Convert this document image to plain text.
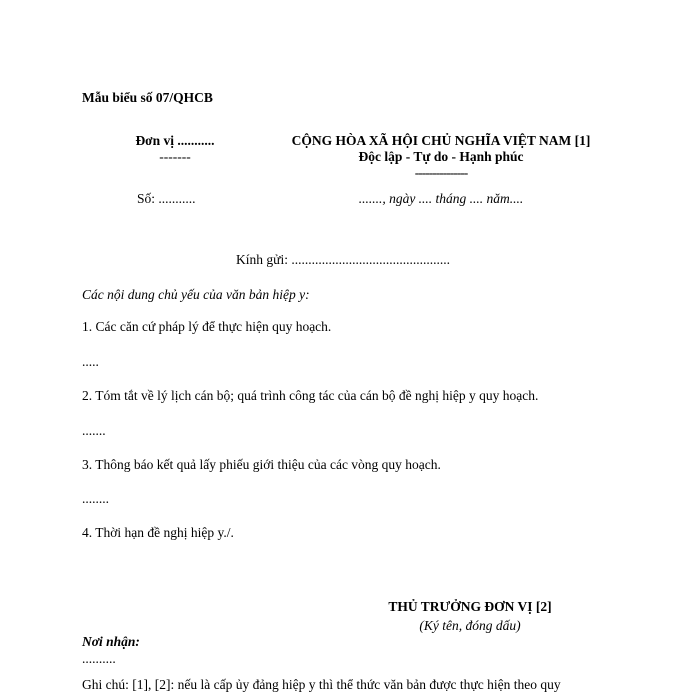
Mẫu biểu số 07/QHCB
Đơn vị ...........
-------
Số: ...........
CỘNG HÒA XÃ HỘI CHỦ NGHĨA VIỆT NAM [1]
Độc lập - Tự do - Hạnh phúc
---------------
......., ngày .... tháng .... năm....
Kính gửi: ...............................................
Các nội dung chủ yếu của văn bản hiệp y:
1. Các căn cứ pháp lý để thực hiện quy hoạch.
.....
2. Tóm tắt về lý lịch cán bộ; quá trình công tác của cán bộ đề nghị hiệp y quy hoạch.
.......
3. Thông báo kết quả lấy phiếu giới thiệu của các vòng quy hoạch.
........
4. Thời hạn đề nghị hiệp y./.
THỦ TRƯỞNG ĐƠN VỊ [2]
(Ký tên, đóng dấu)
Nơi nhận:
..........
Ghi chú: [1], [2]: nếu là cấp ủy đảng hiệp y thì thể thức văn bản được thực hiện theo quy
